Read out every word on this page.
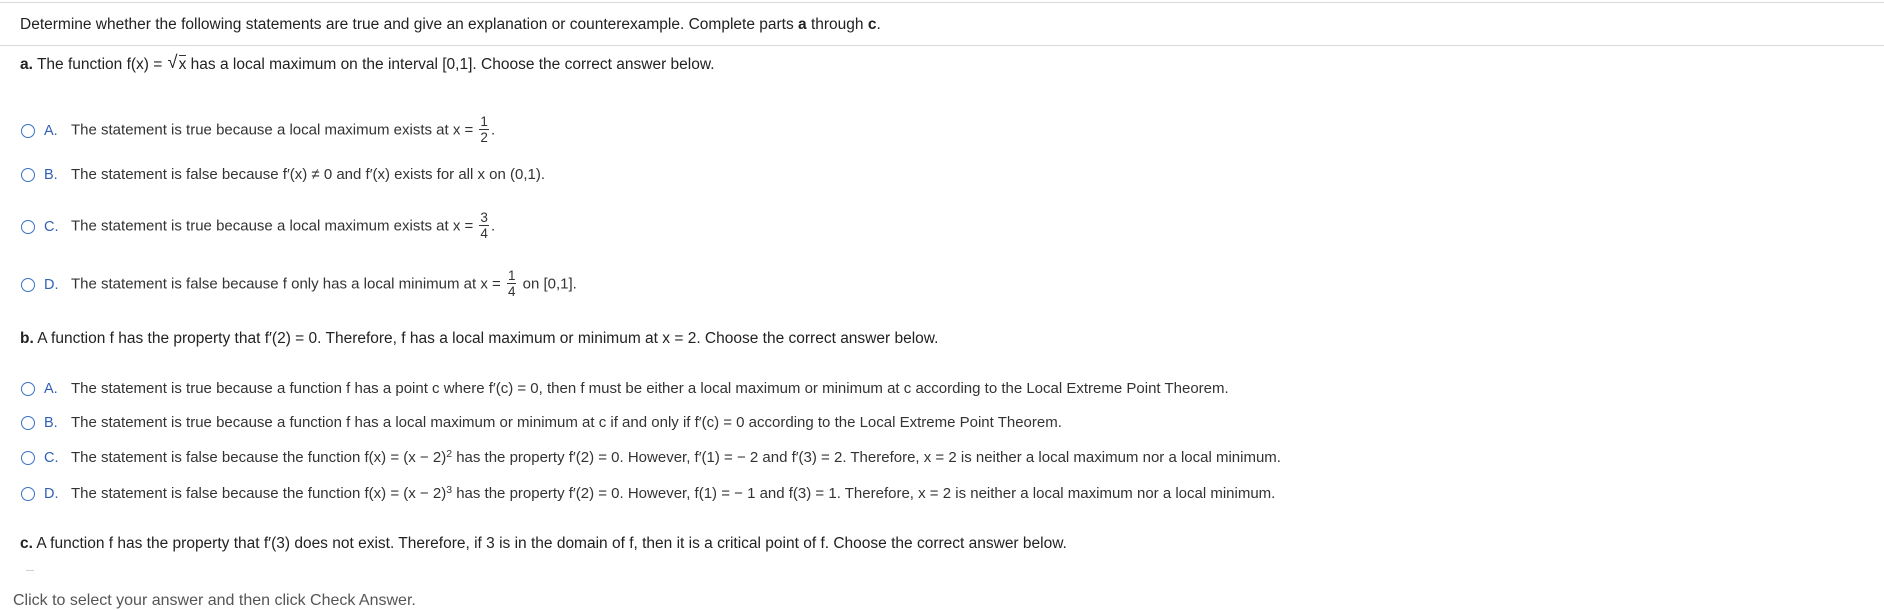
Determine whether the following statements are true and give an explanation or counterexample. Complete parts a through c.
a. The function f(x) = √ x has a local maximum on the interval [0,1]. Choose the correct answer below.
A. The statement is true because a local maximum exists at $x = \frac{1}{2}$ .
B. The statement is false because f′(x) ≠ 0 and f′(x) exists for all x on (0,1).
C. The statement is true because a local maximum exists at $x = \frac{3}{4}$ .
D. The statement is false because f only has a local minimum at $x = \frac{1}{4}$ on [0,1].
b. A function f has the property that f′(2) = 0. Therefore, f has a local maximum or minimum at x = 2. Choose the correct answer below.
A. The statement is true because a function f has a point c where f′(c) = 0, then f must be either a local maximum or minimum at c according to the Local Extreme Point Theorem.
B. The statement is true because a function f has a local maximum or minimum at c if and only if f′(c) = 0 according to the Local Extreme Point Theorem.
C. The statement is false because the function $f(x) = (x - 2)^2$ has the property f′(2) = 0. However, f′(1) = − 2 and f′(3) = 2. Therefore, x = 2 is neither a local maximum nor a local minimum.
D. The statement is false because the function $f(x) = (x - 2)^3$ has the property f′(2) = 0. However, f(1) = − 1 and f(3) = 1. Therefore, x = 2 is neither a local maximum nor a local minimum.
c. A function f has the property that f′(3) does not exist. Therefore, if 3 is in the domain of f, then it is a critical point of f. Choose the correct answer below.
Click to select your answer and then click Check Answer.
